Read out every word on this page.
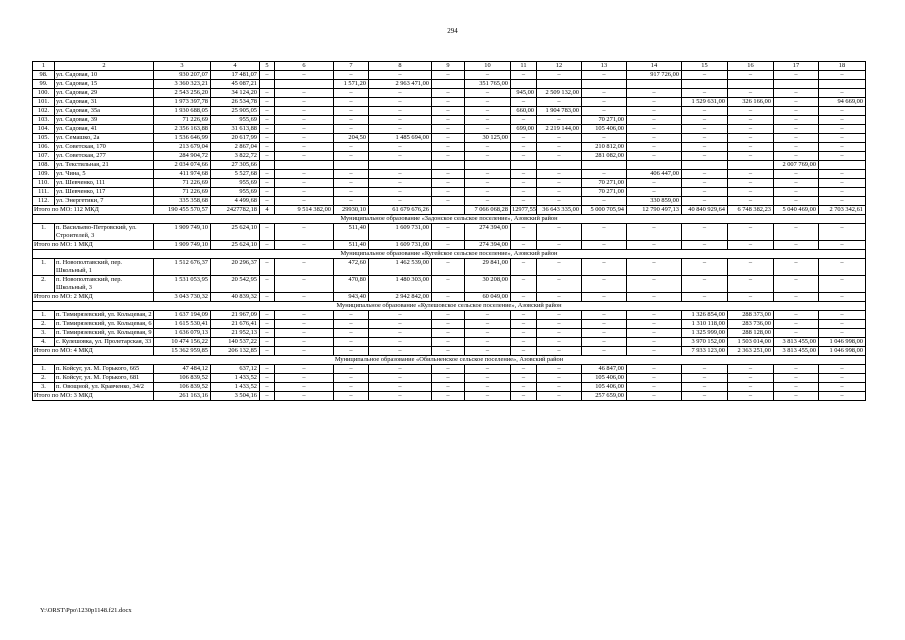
294
1	2	3	4	5	6	7	8	9	10	11	12	13	14	15	16	17	18
98.	ул. Садовая, 10	930 207,07	17 481,07	–	–	–	–	–	–	–	–	–	917 726,00	–	–	–	–
99.	ул. Садовая, 15	3 360 323,21	45 087,21			1 571,20	2 963 471,00		351 765,00								
100.	ул. Садовая, 29	2 543 256,20	34 124,20	–	–	–	–	–	–	945,00	2 509 132,00	–	–	–	–	–	–
101.	ул. Садовая, 31	1 973 397,78	26 534,78	–	–	–	–	–	–	–	–	–	–	1 529 631,00	326 166,00	–	94 669,00
102.	ул. Садовая, 35а	1 930 688,05	25 905,05	–	–	–	–	–	–	660,00	1 904 783,00	–	–	–	–	–	–
103.	ул. Садовая, 39	71 226,69	955,69	–	–	–	–	–	–	–	–	70 271,00	–	–	–	–	–
104.	ул. Садовая, 41	2 356 163,88	31 613,88	–	–	–	–	–	–	699,00	2 219 144,00	105 406,00	–	–	–	–	–
105.	ул. Семашко, 2а	1 536 646,99	20 617,99	–	–	204,50	1 485 694,00	–	30 125,00	–	–	–	–	–	–	–	–
106.	ул. Советская, 170	213 679,04	2 867,04	–	–	–	–	–	–	–	–	210 812,00	–	–	–	–	–
107.	ул. Советская, 277	284 904,72	3 822,72	–	–	–	–	–	–	–	–	281 082,00	–	–	–	–	–
108.	ул. Текстильная, 21	2 034 074,66	27 305,66													2 007 769,00	
109.	ул. Чина, 5	411 974,68	5 527,68	–	–	–	–	–	–	–	–	–	406 447,00	–	–	–	–
110.	ул. Шевченко, 111	71 226,69	955,69	–	–	–	–	–	–	–	–	70 271,00	–	–	–	–	–
111.	ул. Шевченко, 117	71 226,69	955,69	–	–	–	–	–	–	–	–	70 271,00	–	–	–	–	–
112.	ул. Энергетики, 7	335 358,68	4 499,68	–	–	–	–	–	–	–	–	–	330 859,00	–	–	–	–
Итого по МО: 112 МКД		190 455 570,57	2427782,18	4	9 514 382,00	29930,10	61 679 676,26		7 066 068,28	12977,55	36 643 335,00	5 000 705,94	12 790 497,13	40 840 929,64	6 748 382,23	5 040 469,00	2 703 342,61
Муниципальное образование «Задонское сельское поселение», Азовский район																	
1.	п. Васильево-Петровский, ул. Строителей, 3	1 909 749,10	25 624,10	–	–	511,40	1 609 731,00	–	274 394,00	–	–	–	–	–	–	–	–
Итого по МО: 1 МКД		1 909 749,10	25 624,10	–	–	511,40	1 609 731,00	–	274 394,00	–	–	–	–	–	–	–	–
Муниципальное образование «Кугейское сельское поселение», Азовский район																	
1.	п. Новополтавский, пер. Школьный, 1	1 512 676,37	20 296,37	–	–	472,60	1 462 539,00	–	29 841,00	–	–	–	–	–	–	–	–
2.	п. Новополтавский, пер. Школьный, 3	1 531 053,95	20 542,95	–	–	470,80	1 480 303,00	–	30 208,00	–	–	–	–	–	–	–	–
Итого по МО: 2 МКД		3 043 730,32	40 839,32	–	–	943,40	2 942 842,00	–	60 049,00	–	–	–	–	–	–	–	–
Муниципальное образование «Кулешовское сельское поселение», Азовский район																	
1.	п. Тимирязевский, ул. Кольцевая, 2	1 637 194,09	21 967,09	–	–	–	–	–	–	–	–	–	–	1 326 854,00	288 373,00	–	–
2.	п. Тимирязевский, ул. Кольцевая, 6	1 615 530,41	21 676,41	–	–	–	–	–	–	–	–	–	–	1 310 118,00	283 736,00	–	–
3.	п. Тимирязевский, ул. Кольцевая, 9	1 636 079,13	21 952,13	–	–	–	–	–	–	–	–	–	–	1 325 999,00	288 128,00	–	–
4.	с. Кулешовка, ул. Пролетарская, 33	10 474 156,22	140 537,22	–	–	–	–	–	–	–	–	–	–	3 970 152,00	1 503 014,00	3 813 455,00	1 046 998,00
Итого по МО: 4 МКД		15 362 959,85	206 132,85	–	–	–	–	–	–	–	–	–	–	7 933 123,00	2 363 251,00	3 813 455,00	1 046 998,00
Муниципальное образование «Обильненское сельское поселение», Азовский район																	
1.	п. Койсуг, ул. М. Горького, 665	47 484,12	637,12	–	–	–	–	–	–	–	–	46 847,00	–	–	–	–	–
2.	п. Койсуг, ул. М. Горького, 681	106 839,52	1 433,52	–	–	–	–	–	–	–	–	105 406,00	–	–	–	–	–
3.	п. Овощной, ул. Кравченко, 34/2	106 839,52	1 433,52	–	–	–	–	–	–	–	–	105 406,00	–	–	–	–	–
Итого по МО: 3 МКД		261 163,16	3 504,16	–	–	–	–	–	–	–	–	257 659,00	–	–	–	–	–
Y:\ORST\Ppo\1230p1148.f21.docx
